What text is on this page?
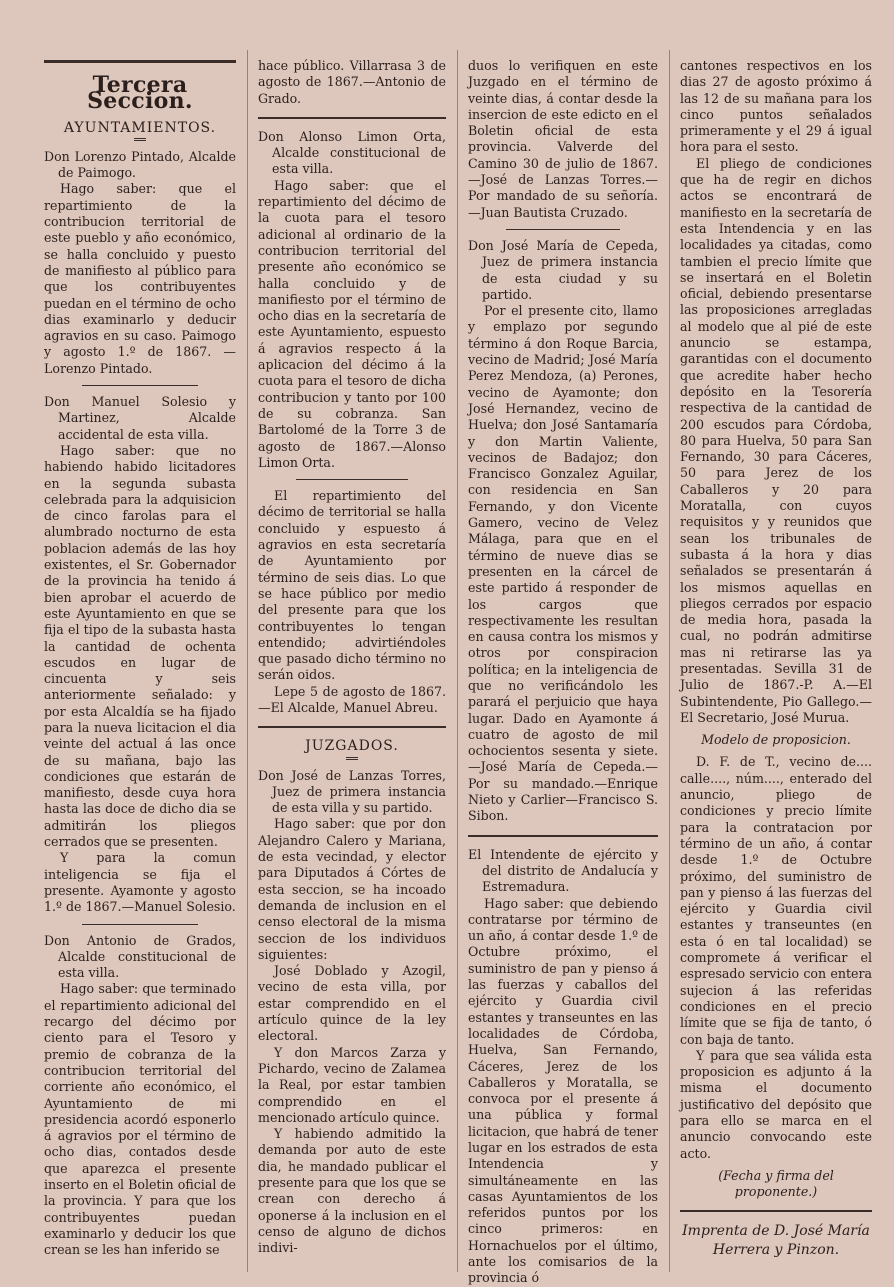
Tercera Seccion.
AYUNTAMIENTOS.

Don Lorenzo Pintado, Alcalde de Paimogo.

Hago saber: que el repartimiento de la contribucion territorial de este pueblo y año económico, se halla concluido y puesto de manifiesto al público para que los contribuyentes puedan en el término de ocho dias examinarlo y deducir agravios en su caso. Paimogo y agosto 1.º de 1867. —Lorenzo Pintado.

Don Manuel Solesio y Martinez, Alcalde accidental de esta villa.

Hago saber: que no habiendo habido licitadores en la segunda subasta celebrada para la adquisicion de cinco farolas para el alumbrado nocturno de esta poblacion además de las hoy existentes, el Sr. Gobernador de la provincia ha tenido á bien aprobar el acuerdo de este Ayuntamiento en que se fija el tipo de la subasta hasta la cantidad de ochenta escudos en lugar de cincuenta y seis anteriormente señalado: y por esta Alcaldía se ha fijado para la nueva licitacion el dia veinte del actual á las once de su mañana, bajo las condiciones que estarán de manifiesto, desde cuya hora hasta las doce de dicho dia se admitirán los pliegos cerrados que se presenten.

Y para la comun inteligencia se fija el presente. Ayamonte y agosto 1.º de 1867.—Manuel Solesio.

Don Antonio de Grados, Alcalde constitucional de esta villa.

Hago saber: que terminado el repartimiento adicional del recargo del décimo por ciento para el Tesoro y premio de cobranza de la contribucion territorial del corriente año económico, el Ayuntamiento de mi presidencia acordó esponerlo á agravios por el término de ocho dias, contados desde que aparezca el presente inserto en el Boletin oficial de la provincia. Y para que los contribuyentes puedan examinarlo y deducir los que crean se les han inferido se

hace público. Villarrasa 3 de agosto de 1867.—Antonio de Grado.

Don Alonso Limon Orta, Alcalde constitucional de esta villa.

Hago saber: que el repartimiento del décimo de la cuota para el tesoro adicional al ordinario de la contribucion territorial del presente año económico se halla concluido y de manifiesto por el término de ocho dias en la secretaría de este Ayuntamiento, espuesto á agravios respecto á la aplicacion del décimo á la cuota para el tesoro de dicha contribucion y tanto por 100 de su cobranza. San Bartolomé de la Torre 3 de agosto de 1867.—Alonso Limon Orta.

El repartimiento del décimo de territorial se halla concluido y espuesto á agravios en esta secretaría de Ayuntamiento por término de seis dias. Lo que se hace público por medio del presente para que los contribuyentes lo tengan entendido; advirtiéndoles que pasado dicho término no serán oidos.

Lepe 5 de agosto de 1867. —El Alcalde, Manuel Abreu.

JUZGADOS.

Don José de Lanzas Torres, Juez de primera instancia de esta villa y su partido.

Hago saber: que por don Alejandro Calero y Mariana, de esta vecindad, y elector para Diputados á Córtes de esta seccion, se ha incoado demanda de inclusion en el censo electoral de la misma seccion de los individuos siguientes:

José Doblado y Azogil, vecino de esta villa, por estar comprendido en el artículo quince de la ley electoral.

Y don Marcos Zarza y Pichardo, vecino de Zalamea la Real, por estar tambien comprendido en el mencionado artículo quince.

Y habiendo admitido la demanda por auto de este dia, he mandado publicar el presente para que los que se crean con derecho á oponerse á la inclusion en el censo de alguno de dichos indivi-

duos lo verifiquen en este Juzgado en el término de veinte dias, á contar desde la insercion de este edicto en el Boletin oficial de esta provincia. Valverde del Camino 30 de julio de 1867.—José de Lanzas Torres.—Por mandado de su señoría.—Juan Bautista Cruzado.

Don José María de Cepeda, Juez de primera instancia de esta ciudad y su partido.

Por el presente cito, llamo y emplazo por segundo término á don Roque Barcia, vecino de Madrid; José María Perez Mendoza, (a) Perones, vecino de Ayamonte; don José Hernandez, vecino de Huelva; don José Santamaría y don Martin Valiente, vecinos de Badajoz; don Francisco Gonzalez Aguilar, con residencia en San Fernando, y don Vicente Gamero, vecino de Velez Málaga, para que en el término de nueve dias se presenten en la cárcel de este partido á responder de los cargos que respectivamente les resultan en causa contra los mismos y otros por conspiracion política; en la inteligencia de que no verificándolo les parará el perjuicio que haya lugar. Dado en Ayamonte á cuatro de agosto de mil ochocientos sesenta y siete. —José María de Cepeda.— Por su mandado.—Enrique Nieto y Carlier—Francisco S. Sibon.

El Intendente de ejército y del distrito de Andalucía y Estremadura.

Hago saber: que debiendo contratarse por término de un año, á contar desde 1.º de Octubre próximo, el suministro de pan y pienso á las fuerzas y caballos del ejército y Guardia civil estantes y transeuntes en las localidades de Córdoba, Huelva, San Fernando, Cáceres, Jerez de los Caballeros y Moratalla, se convoca por el presente á una pública y formal licitacion, que habrá de tener lugar en los estrados de esta Intendencia y simultáneamente en las casas Ayuntamientos de los referidos puntos por los cinco primeros: en Hornachuelos por el último, ante los comisarios de la provincia ó

cantones respectivos en los dias 27 de agosto próximo á las 12 de su mañana para los cinco puntos señalados primeramente y el 29 á igual hora para el sesto.

El pliego de condiciones que ha de regir en dichos actos se encontrará de manifiesto en la secretaría de esta Intendencia y en las localidades ya citadas, como tambien el precio límite que se insertará en el Boletin oficial, debiendo presentarse las proposiciones arregladas al modelo que al pié de este anuncio se estampa, garantidas con el documento que acredite haber hecho depósito en la Tesorería respectiva de la cantidad de 200 escudos para Córdoba, 80 para Huelva, 50 para San Fernando, 30 para Cáceres, 50 para Jerez de los Caballeros y 20 para Moratalla, con cuyos requisitos y y reunidos que sean los tribunales de subasta á la hora y dias señalados se presentarán á los mismos aquellas en pliegos cerrados por espacio de media hora, pasada la cual, no podrán admitirse mas ni retirarse las ya presentadas. Sevilla 31 de Julio de 1867.-P. A.—El Subintendente, Pio Gallego.—El Secretario, José Murua.

Modelo de proposicion.

D. F. de T., vecino de.... calle...., núm...., enterado del anuncio, pliego de condiciones y precio límite para la contratacion por término de un año, á contar desde 1.º de Octubre próximo, del suministro de pan y pienso á las fuerzas del ejército y Guardia civil estantes y transeuntes (en esta ó en tal localidad) se compromete á verificar el espresado servicio con entera sujecion á las referidas condiciones en el precio límite que se fija de tanto, ó con baja de tanto.

Y para que sea válida esta proposicion es adjunto á la misma el documento justificativo del depósito que para ello se marca en el anuncio convocando este acto.

(Fecha y firma del proponente.)

Imprenta de D. José María
Herrera y Pinzon.
